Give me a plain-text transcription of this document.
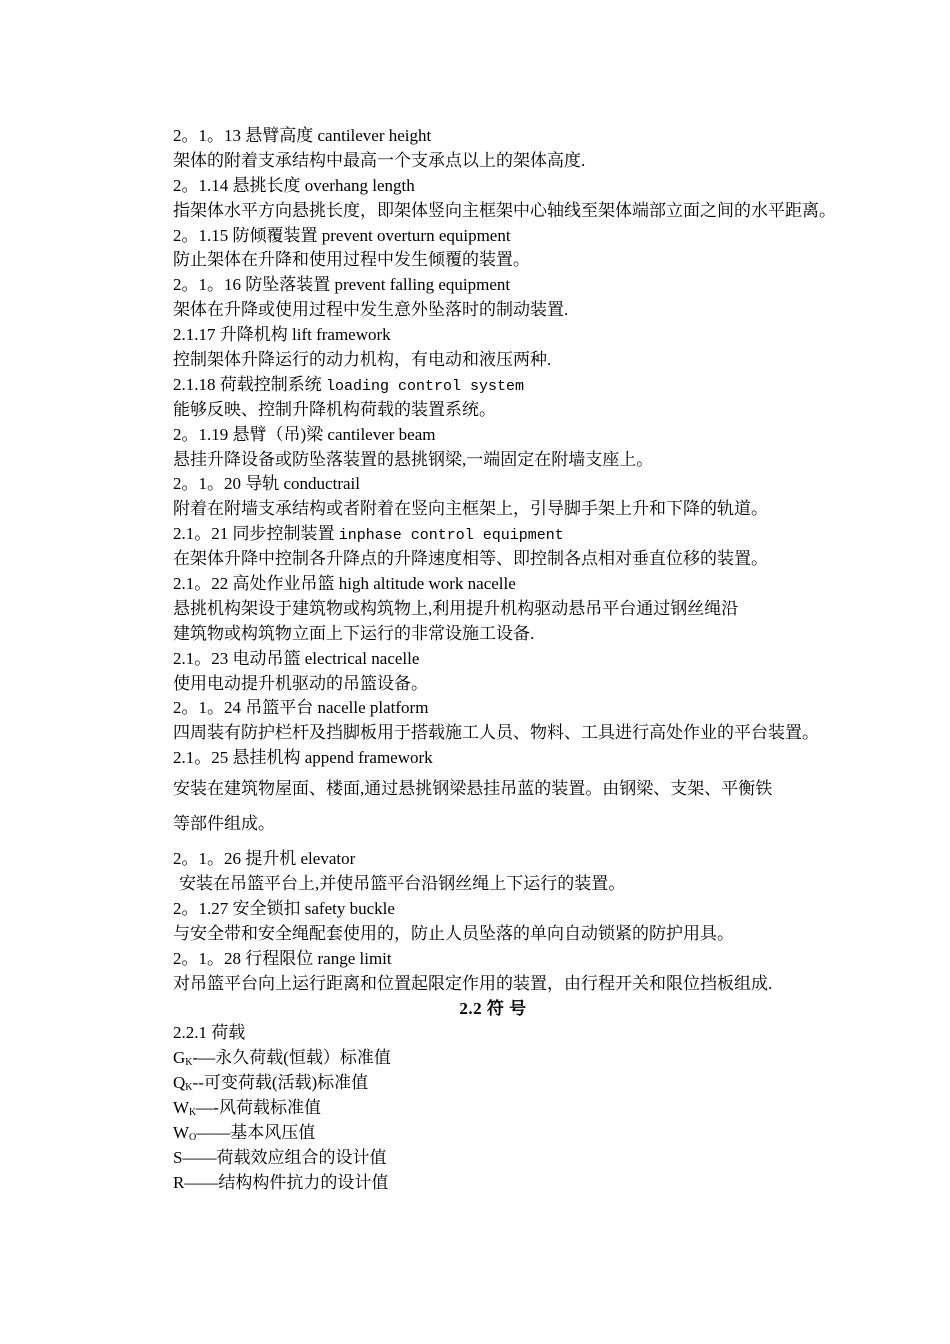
2。1。13 悬臂高度 cantilever height
架体的附着支承结构中最高一个支承点以上的架体高度.
2。1.14 悬挑长度 overhang length
指架体水平方向悬挑长度，即架体竖向主框架中心轴线至架体端部立面之间的水平距离。
2。1.15 防倾覆装置 prevent overturn equipment
防止架体在升降和使用过程中发生倾覆的装置。
2。1。16 防坠落装置 prevent falling equipment
架体在升降或使用过程中发生意外坠落时的制动装置.
2.1.17 升降机构 lift framework
控制架体升降运行的动力机构，有电动和液压两种.
2.1.18 荷载控制系统 loading control system
能够反映、控制升降机构荷载的装置系统。
2。1.19 悬臂（吊)梁 cantilever beam
悬挂升降设备或防坠落装置的悬挑钢梁,一端固定在附墙支座上。
2。1。20 导轨 conductrail
附着在附墙支承结构或者附着在竖向主框架上，引导脚手架上升和下降的轨道。
2.1。21 同步控制装置 inphase control equipment
在架体升降中控制各升降点的升降速度相等、即控制各点相对垂直位移的装置。
2.1。22 高处作业吊篮 high altitude work nacelle
悬挑机构架设于建筑物或构筑物上,利用提升机构驱动悬吊平台通过钢丝绳沿
建筑物或构筑物立面上下运行的非常设施工设备.
2.1。23 电动吊篮 electrical nacelle
使用电动提升机驱动的吊篮设备。
2。1。24 吊篮平台 nacelle platform
四周装有防护栏杆及挡脚板用于搭载施工人员、物料、工具进行高处作业的平台装置。
2.1。25 悬挂机构 append framework
安装在建筑物屋面、楼面,通过悬挑钢梁悬挂吊蓝的装置。由钢梁、支架、平衡铁
等部件组成。
2。1。26 提升机 elevator
安装在吊篮平台上,并使吊篮平台沿钢丝绳上下运行的装置。
2。1.27 安全锁扣 safety buckle
与安全带和安全绳配套使用的，防止人员坠落的单向自动锁紧的防护用具。
2。1。28 行程限位 range limit
对吊篮平台向上运行距离和位置起限定作用的装置，由行程开关和限位挡板组成.
2.2 符 号
2.2.1 荷载
$G_K-—$永久荷载(恒载）标准值
$Q_K--$可变荷载(活载)标准值
$W_K—-$风荷载标准值
$W_O——$基本风压值
S——荷载效应组合的设计值
R——结构构件抗力的设计值
